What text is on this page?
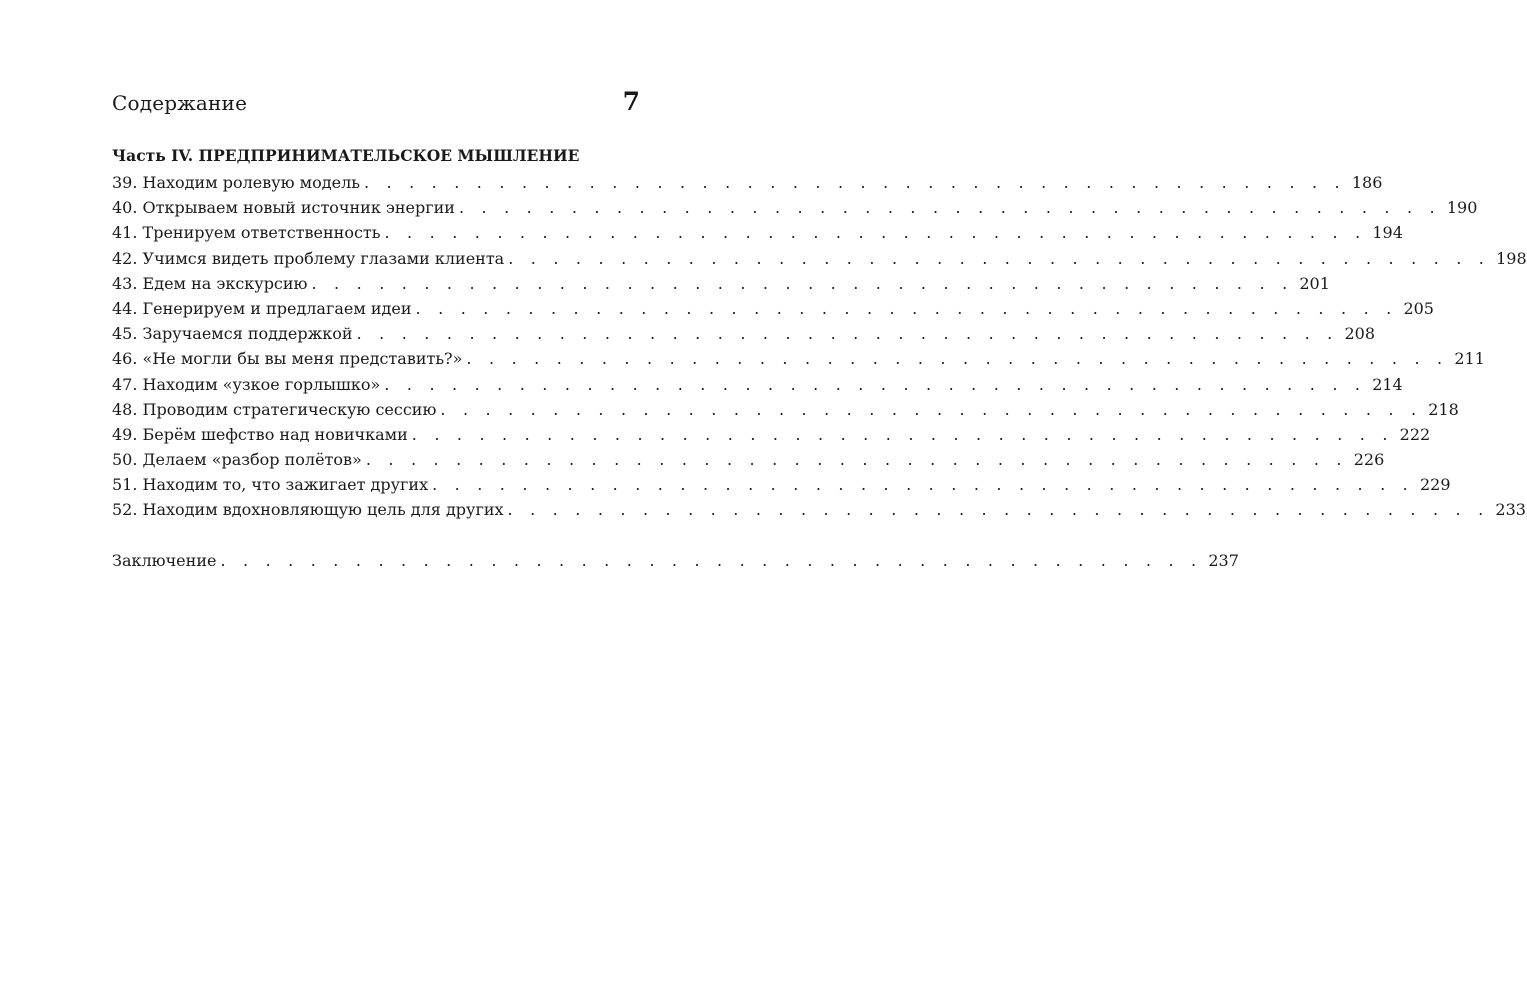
Содержание	7
Часть IV. ПРЕДПРИНИМАТЕЛЬСКОЕ МЫШЛЕНИЕ
39. Находим ролевую модель . . . . . . . . . . . . . . . . . . . . . . . . . . . . . . . . . . . . . . . . . . . . 186
40. Открываем новый источник энергии . . . . . . . . . . . . . . . . . . . . . . . . . . . . . . . . . . . . . . . . . . . . 190
41. Тренируем ответственность . . . . . . . . . . . . . . . . . . . . . . . . . . . . . . . . . . . . . . . . . . . . 194
42. Учимся видеть проблему глазами клиента . . . . . . . . . . . . . . . . . . . . . . . . . . . . . . . . . . . . . . . . . . . . 198
43. Едем на экскурсию . . . . . . . . . . . . . . . . . . . . . . . . . . . . . . . . . . . . . . . . . . . . 201
44. Генерируем и предлагаем идеи . . . . . . . . . . . . . . . . . . . . . . . . . . . . . . . . . . . . . . . . . . . . 205
45. Заручаемся поддержкой . . . . . . . . . . . . . . . . . . . . . . . . . . . . . . . . . . . . . . . . . . . . 208
46. «Не могли бы вы меня представить?» . . . . . . . . . . . . . . . . . . . . . . . . . . . . . . . . . . . . . . . . . . . . 211
47. Находим «узкое горлышко» . . . . . . . . . . . . . . . . . . . . . . . . . . . . . . . . . . . . . . . . . . . . 214
48. Проводим стратегическую сессию . . . . . . . . . . . . . . . . . . . . . . . . . . . . . . . . . . . . . . . . . . . . 218
49. Берём шефство над новичками . . . . . . . . . . . . . . . . . . . . . . . . . . . . . . . . . . . . . . . . . . . . 222
50. Делаем «разбор полётов» . . . . . . . . . . . . . . . . . . . . . . . . . . . . . . . . . . . . . . . . . . . . 226
51. Находим то, что зажигает других . . . . . . . . . . . . . . . . . . . . . . . . . . . . . . . . . . . . . . . . . . . . 229
52. Находим вдохновляющую цель для других . . . . . . . . . . . . . . . . . . . . . . . . . . . . . . . . . . . . . . . . . . . . 233
Заключение . . . . . . . . . . . . . . . . . . . . . . . . . . . . . . . . . . . . . . . . . . . . 237
